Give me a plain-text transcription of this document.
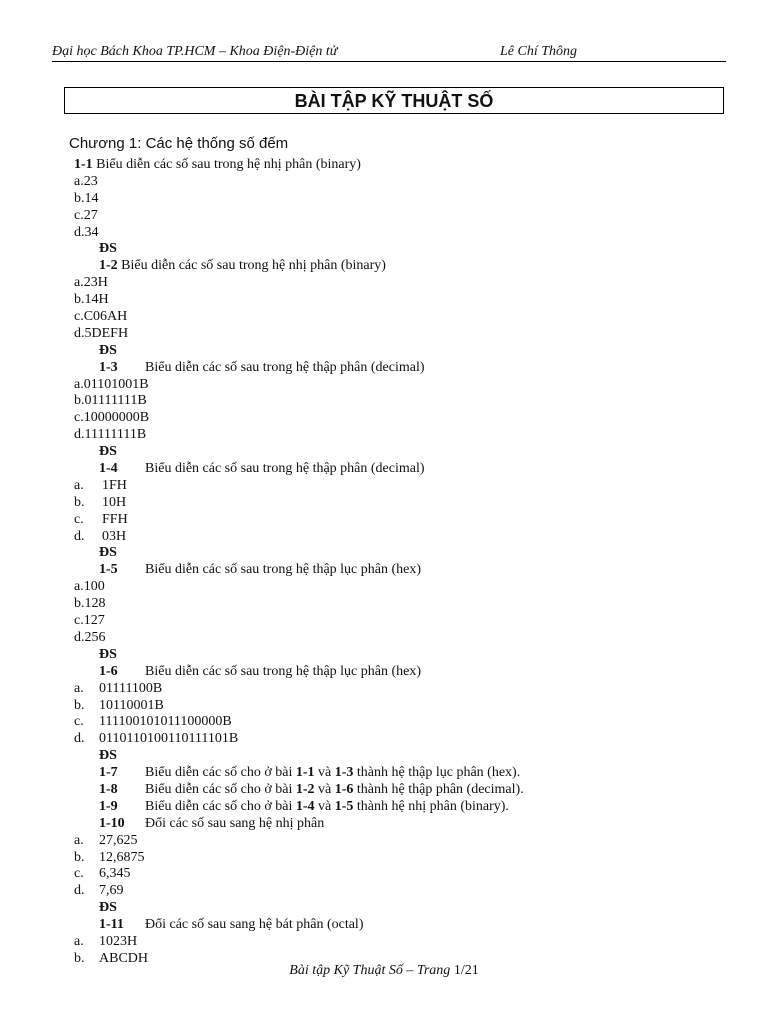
Đại học Bách Khoa TP.HCM – Khoa Điện-Điện tử	Lê Chí Thông
BÀI TẬP KỸ THUẬT SỐ
Chương 1: Các hệ thống số đếm
1-1 Biểu diễn các số sau trong hệ nhị phân (binary)
a.23
b.14
c.27
d.34
ĐS
1-2 Biểu diễn các số sau trong hệ nhị phân (binary)
a.23H
b.14H
c.C06AH
d.5DEFH
ĐS
1-3 Biểu diễn các số sau trong hệ thập phân (decimal)
a.01101001B
b.01111111B
c.10000000B
d.11111111B
ĐS
1-4 Biểu diễn các số sau trong hệ thập phân (decimal)
a. 1FH
b. 10H
c. FFH
d. 03H
ĐS
1-5 Biểu diễn các số sau trong hệ thập lục phân (hex)
a.100
b.128
c.127
d.256
ĐS
1-6 Biểu diễn các số sau trong hệ thập lục phân (hex)
a. 01111100B
b. 10110001B
c. 111100101011100000B
d. 0110110100110111101B
ĐS
1-7 Biểu diễn các số cho ở bài 1-1 và 1-3 thành hệ thập lục phân (hex).
1-8 Biểu diễn các số cho ở bài 1-2 và 1-6 thành hệ thập phân (decimal).
1-9 Biểu diễn các số cho ở bài 1-4 và 1-5 thành hệ nhị phân (binary).
1-10 Đổi các số sau sang hệ nhị phân
a. 27,625
b. 12,6875
c. 6,345
d. 7,69
ĐS
1-11 Đổi các số sau sang hệ bát phân (octal)
a. 1023H
b. ABCDH
Bài tập Kỹ Thuật Số – Trang 1/21
